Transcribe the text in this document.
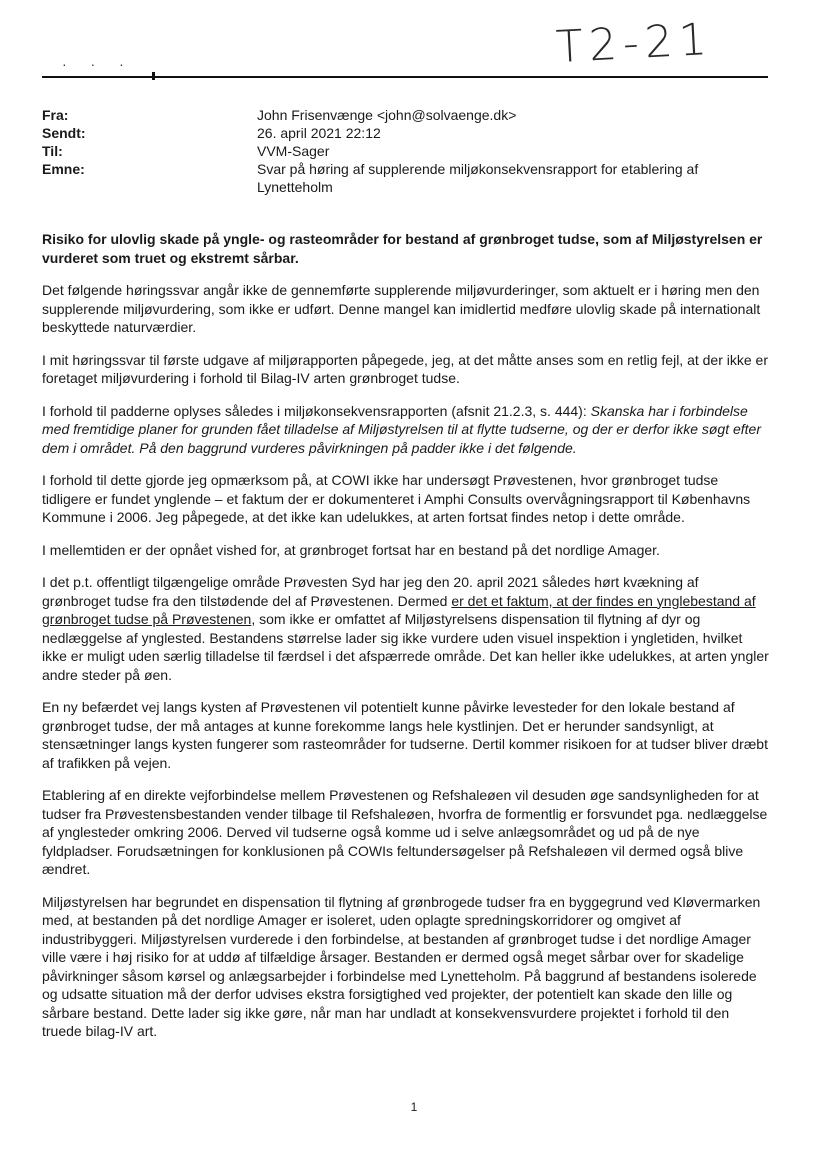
T2-21
· · ·
Fra:	John Frisenvænge <john@solvaenge.dk>
Sendt:	26. april 2021 22:12
Til:	VVM-Sager
Emne:	Svar på høring af supplerende miljøkonsekvensrapport for etablering af Lynetteholm

Risiko for ulovlig skade på yngle- og rasteområder for bestand af grønbroget tudse, som af Miljøstyrelsen er vurderet som truet og ekstremt sårbar.

Det følgende høringssvar angår ikke de gennemførte supplerende miljøvurderinger, som aktuelt er i høring men den supplerende miljøvurdering, som ikke er udført. Denne mangel kan imidlertid medføre ulovlig skade på internationalt beskyttede naturværdier.

I mit høringssvar til første udgave af miljørapporten påpegede, jeg, at det måtte anses som en retlig fejl, at der ikke er foretaget miljøvurdering i forhold til Bilag-IV arten grønbroget tudse.

I forhold til padderne oplyses således i miljøkonsekvensrapporten (afsnit 21.2.3, s. 444): Skanska har i forbindelse med fremtidige planer for grunden fået tilladelse af Miljøstyrelsen til at flytte tudserne, og der er derfor ikke søgt efter dem i området. På den baggrund vurderes påvirkningen på padder ikke i det følgende.

I forhold til dette gjorde jeg opmærksom på, at COWI ikke har undersøgt Prøvestenen, hvor grønbroget tudse tidligere er fundet ynglende – et faktum der er dokumenteret i Amphi Consults overvågningsrapport til Københavns Kommune i 2006. Jeg påpegede, at det ikke kan udelukkes, at arten fortsat findes netop i dette område.

I mellemtiden er der opnået vished for, at grønbroget fortsat har en bestand på det nordlige Amager.

I det p.t. offentligt tilgængelige område Prøvesten Syd har jeg den 20. april 2021 således hørt kvækning af grønbroget tudse fra den tilstødende del af Prøvestenen. Dermed er det et faktum, at der findes en ynglebestand af grønbroget tudse på Prøvestenen, som ikke er omfattet af Miljøstyrelsens dispensation til flytning af dyr og nedlæggelse af ynglested. Bestandens størrelse lader sig ikke vurdere uden visuel inspektion i yngletiden, hvilket ikke er muligt uden særlig tilladelse til færdsel i det afspærrede område. Det kan heller ikke udelukkes, at arten yngler andre steder på øen.

En ny befærdet vej langs kysten af Prøvestenen vil potentielt kunne påvirke levesteder for den lokale bestand af grønbroget tudse, der må antages at kunne forekomme langs hele kystlinjen. Det er herunder sandsynligt, at stensætninger langs kysten fungerer som rasteområder for tudserne. Dertil kommer risikoen for at tudser bliver dræbt af trafikken på vejen.

Etablering af en direkte vejforbindelse mellem Prøvestenen og Refshaleøen vil desuden øge sandsynligheden for at tudser fra Prøvestensbestanden vender tilbage til Refshaleøen, hvorfra de formentlig er forsvundet pga. nedlæggelse af ynglesteder omkring 2006. Derved vil tudserne også komme ud i selve anlægsområdet og ud på de nye fyldpladser. Forudsætningen for konklusionen på COWIs feltundersøgelser på Refshaleøen vil dermed også blive ændret.

Miljøstyrelsen har begrundet en dispensation til flytning af grønbrogede tudser fra en byggegrund ved Kløvermarken med, at bestanden på det nordlige Amager er isoleret, uden oplagte spredningskorridorer og omgivet af industribyggeri. Miljøstyrelsen vurderede i den forbindelse, at bestanden af grønbroget tudse i det nordlige Amager ville være i høj risiko for at uddø af tilfældige årsager. Bestanden er dermed også meget sårbar over for skadelige påvirkninger såsom kørsel og anlægsarbejder i forbindelse med Lynetteholm. På baggrund af bestandens isolerede og udsatte situation må der derfor udvises ekstra forsigtighed ved projekter, der potentielt kan skade den lille og sårbare bestand. Dette lader sig ikke gøre, når man har undladt at konsekvensvurdere projektet i forhold til den truede bilag-IV art.

1
